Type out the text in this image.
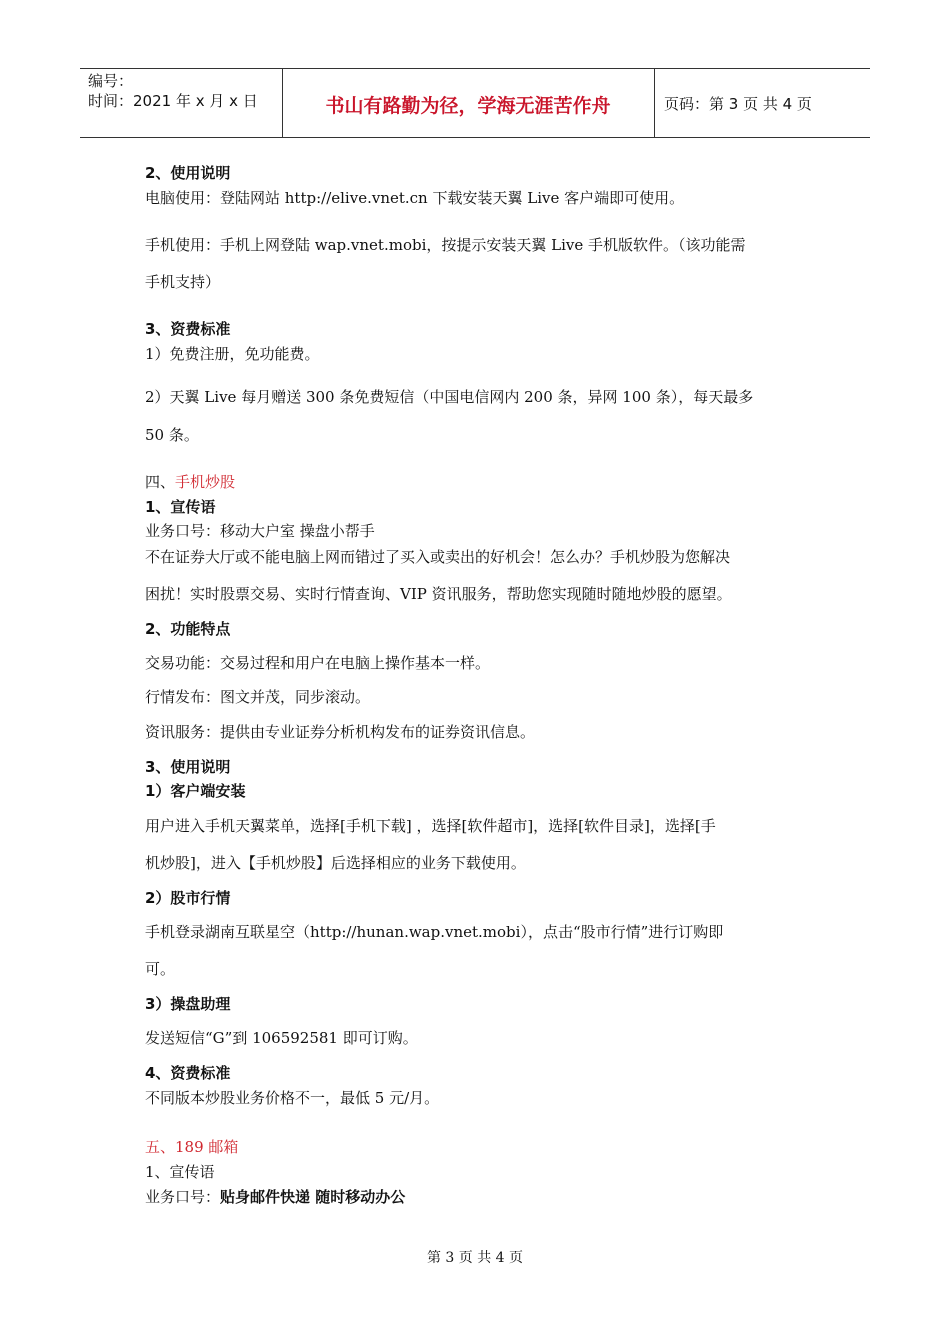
编号：
时间：2021 年 x 月 x 日	书山有路勤为径，学海无涯苦作舟	页码：第 3 页 共 4 页
2、使用说明
电脑使用：登陆网站 http://elive.vnet.cn 下载安装天翼 Live 客户端即可使用。
手机使用：手机上网登陆 wap.vnet.mobi，按提示安装天翼 Live 手机版软件。（该功能需
手机支持）
3、资费标准
1）免费注册，免功能费。
2）天翼 Live 每月赠送 300 条免费短信（中国电信网内 200 条，异网 100 条），每天最多
50 条。
四、手机炒股
1、宣传语
业务口号：移动大户室 操盘小帮手
不在证券大厅或不能电脑上网而错过了买入或卖出的好机会！怎么办？手机炒股为您解决
困扰！实时股票交易、实时行情查询、VIP 资讯服务，帮助您实现随时随地炒股的愿望。
2、功能特点
交易功能：交易过程和用户在电脑上操作基本一样。
行情发布：图文并茂，同步滚动。
资讯服务：提供由专业证券分析机构发布的证券资讯信息。
3、使用说明
1）客户端安装
用户进入手机天翼菜单，选择[手机下载] ，选择[软件超市]，选择[软件目录]，选择[手
机炒股]，进入【手机炒股】后选择相应的业务下载使用。
2）股市行情
手机登录湖南互联星空（http://hunan.wap.vnet.mobi），点击“股市行情”进行订购即
可。
3）操盘助理
发送短信“G”到 106592581 即可订购。
4、资费标准
不同版本炒股业务价格不一，最低 5 元/月。
五、189 邮箱
1、宣传语
业务口号：贴身邮件快递 随时移动办公
第 3 页 共 4 页
